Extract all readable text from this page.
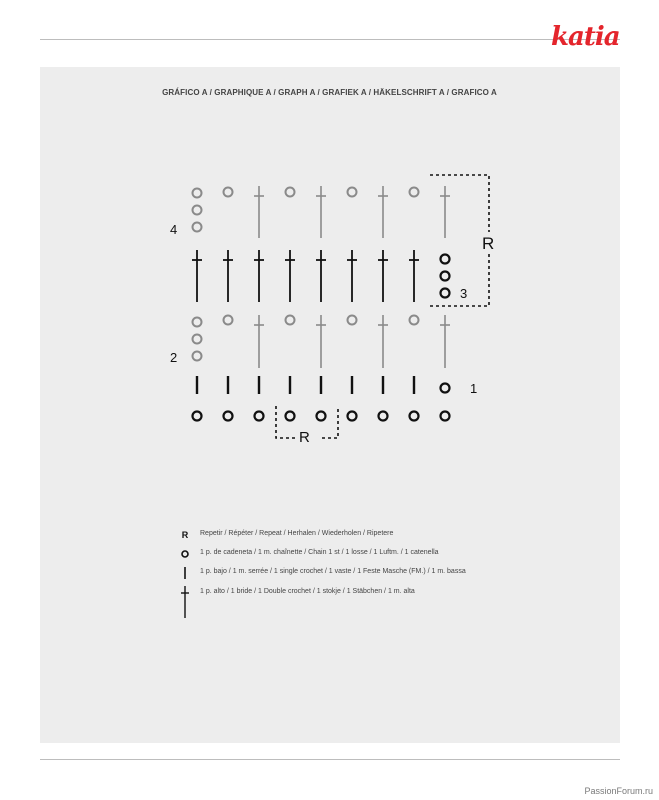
katia
GRÁFICO A / GRAPHIQUE A / GRAPH A / GRAFIEK A / HÄKELSCHRIFT A / GRAFICO A
1
2
3
4
R
R
R	Repetir / Répéter / Repeat / Herhalen / Wiederholen / Ripetere
1 p. de cadeneta / 1 m. chaînette / Chain 1 st / 1 losse / 1 Luftm. / 1 catenella
1 p. bajo / 1 m. serrée / 1 single crochet / 1 vaste / 1 Feste Masche (FM.) / 1 m. bassa
1 p. alto / 1 bride / 1 Double crochet / 1 stokje / 1 Stäbchen / 1 m. alta
PassionForum.ru
